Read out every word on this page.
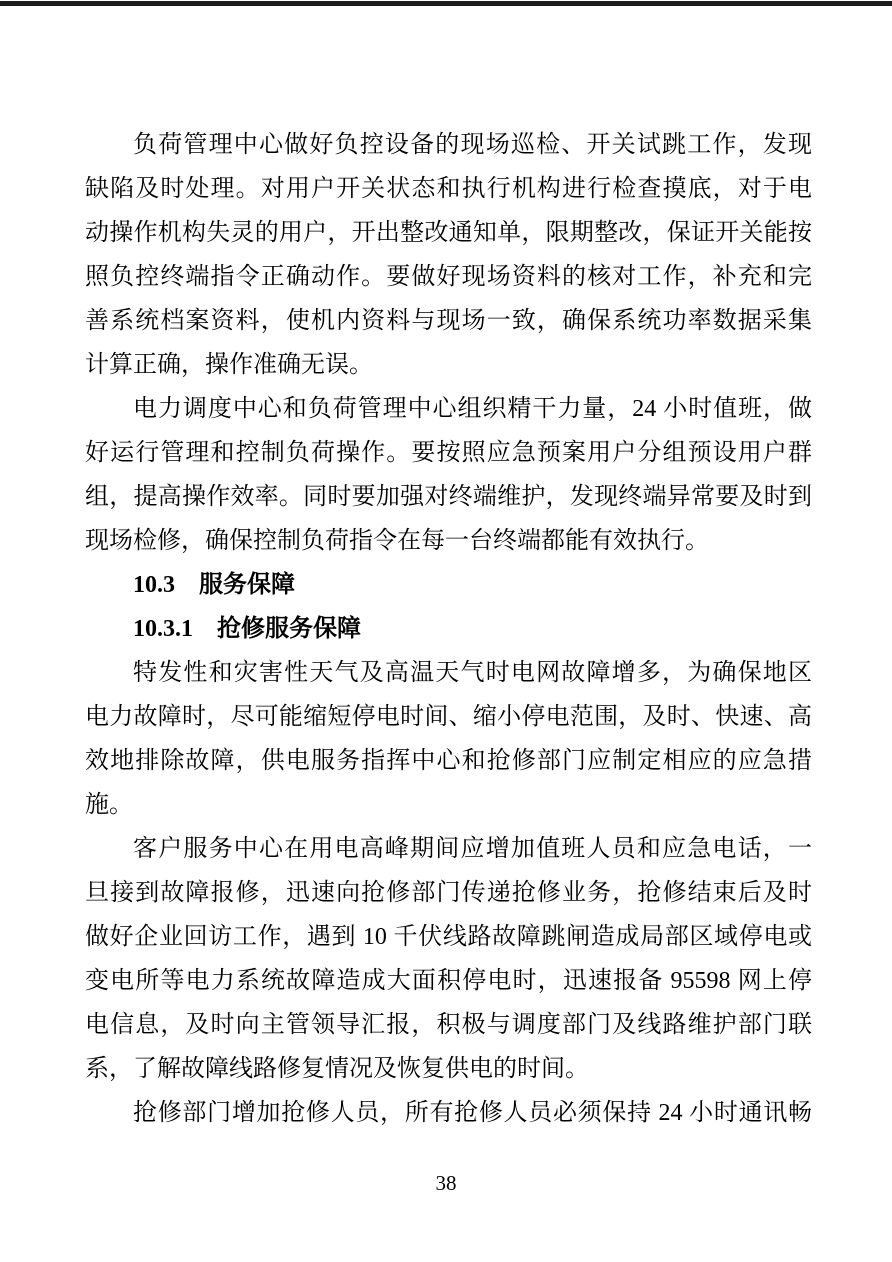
负荷管理中心做好负控设备的现场巡检、开关试跳工作，发现
缺陷及时处理。对用户开关状态和执行机构进行检查摸底，对于电
动操作机构失灵的用户，开出整改通知单，限期整改，保证开关能按
照负控终端指令正确动作。要做好现场资料的核对工作，补充和完
善系统档案资料，使机内资料与现场一致，确保系统功率数据采集
计算正确，操作准确无误。
电力调度中心和负荷管理中心组织精干力量，24 小时值班，做
好运行管理和控制负荷操作。要按照应急预案用户分组预设用户群
组，提高操作效率。同时要加强对终端维护，发现终端异常要及时到
现场检修，确保控制负荷指令在每一台终端都能有效执行。
10.3　服务保障
10.3.1　抢修服务保障
特发性和灾害性天气及高温天气时电网故障增多，为确保地区
电力故障时，尽可能缩短停电时间、缩小停电范围，及时、快速、高
效地排除故障，供电服务指挥中心和抢修部门应制定相应的应急措
施。
客户服务中心在用电高峰期间应增加值班人员和应急电话，一
旦接到故障报修，迅速向抢修部门传递抢修业务，抢修结束后及时
做好企业回访工作，遇到 10 千伏线路故障跳闸造成局部区域停电或
变电所等电力系统故障造成大面积停电时，迅速报备 95598 网上停
电信息，及时向主管领导汇报，积极与调度部门及线路维护部门联
系，了解故障线路修复情况及恢复供电的时间。
抢修部门增加抢修人员，所有抢修人员必须保持 24 小时通讯畅
38
